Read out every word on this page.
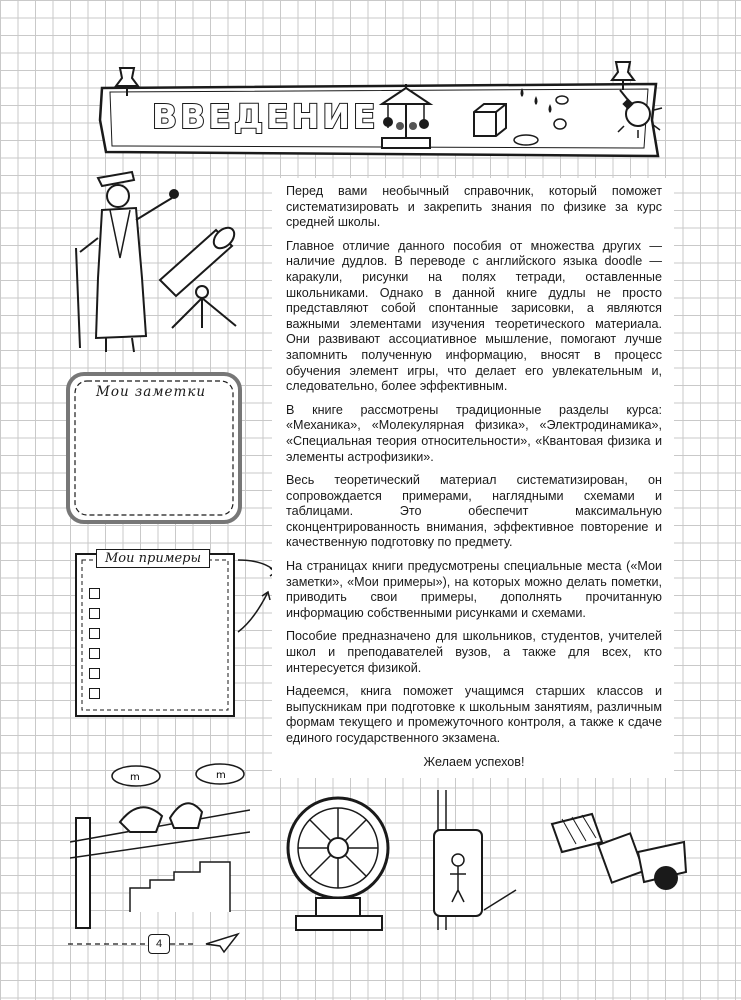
ВВЕДЕНИЕ
Мои заметки
Мои примеры

Перед вами необычный справочник, который поможет систематизировать и закрепить знания по физике за курс средней школы.

Главное отличие данного пособия от множества других — наличие дудлов. В переводе с английского языка doodle — каракули, рисунки на полях тетради, оставленные школьниками. Однако в данной книге дудлы не просто представляют собой спонтанные зарисовки, а являются важными элементами изучения теоретического материала. Они развивают ассоциативное мышление, помогают лучше запомнить полученную информацию, вносят в процесс обучения элемент игры, что делает его увлекательным и, следовательно, более эффективным.

В книге рассмотрены традиционные разделы курса: «Механика», «Молекулярная физика», «Электродинамика», «Специальная теория относительности», «Квантовая физика и элементы астрофизики».

Весь теоретический материал систематизирован, он сопровождается примерами, наглядными схемами и таблицами. Это обеспечит максимальную сконцентрированность внимания, эффективное повторение и качественную подготовку по предмету.

На страницах книги предусмотрены специальные места («Мои заметки», «Мои примеры»), на которых можно делать пометки, приводить свои примеры, дополнять прочитанную информацию собственными рисунками и схемами.

Пособие предназначено для школьников, студентов, учителей школ и преподавателей вузов, а также для всех, кто интересуется физикой.

Надеемся, книга поможет учащимся старших классов и выпускникам при подготовке к школьным занятиям, различным формам текущего и промежуточного контроля, а также к сдаче единого государственного экзамена.

Желаем успехов!

m	m
4
